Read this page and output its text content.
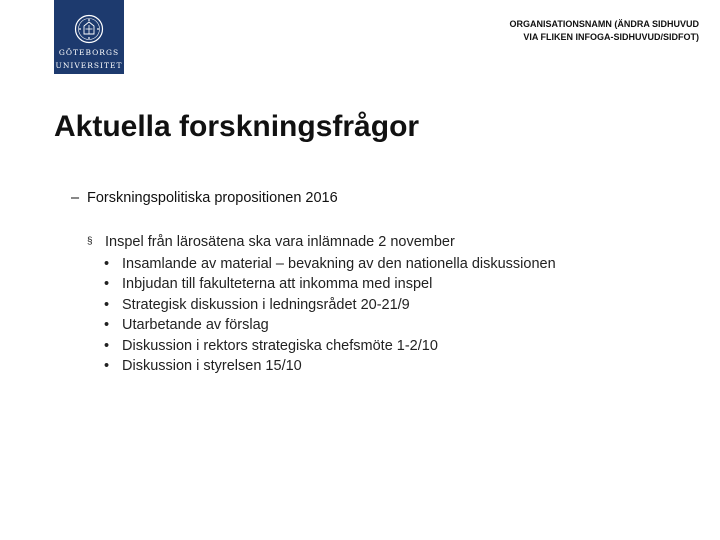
GÖTEBORGS
UNIVERSITET
ORGANISATIONSNAMN (ÄNDRA SIDHUVUD VIA FLIKEN INFOGA-SIDHUVUD/SIDFOT)
Aktuella forskningsfrågor
– Forskningspolitiska propositionen 2016
§ Inspel från lärosätena ska vara inlämnade 2 november
• Insamlande av material – bevakning av den nationella diskussionen
• Inbjudan till fakulteterna att inkomma med inspel
• Strategisk diskussion i ledningsrådet 20-21/9
• Utarbetande av förslag
• Diskussion i rektors strategiska chefsmöte 1-2/10
• Diskussion i styrelsen 15/10
